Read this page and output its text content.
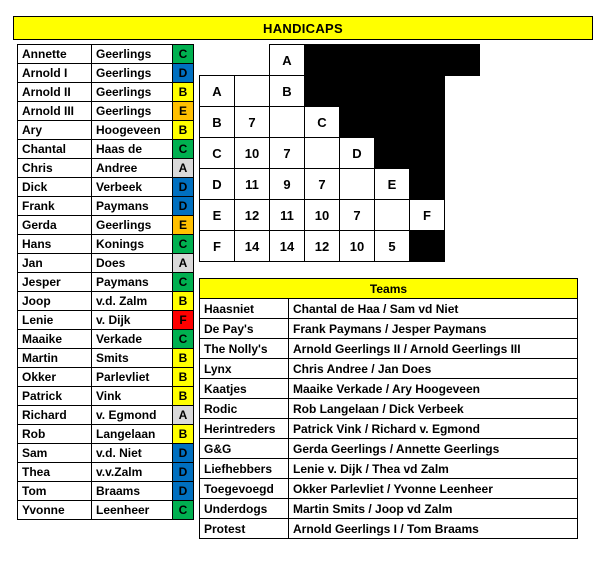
HANDICAPS
Annette	Geerlings	C
Arnold I	Geerlings	D
Arnold II	Geerlings	B
Arnold III	Geerlings	E
Ary	Hoogeveen	B
Chantal	Haas de	C
Chris	Andree	A
Dick	Verbeek	D
Frank	Paymans	D
Gerda	Geerlings	E
Hans	Konings	C
Jan	Does	A
Jesper	Paymans	C
Joop	v.d. Zalm	B
Lenie	v. Dijk	F
Maaike	Verkade	C
Martin	Smits	B
Okker	Parlevliet	B
Patrick	Vink	B
Richard	v. Egmond	A
Rob	Langelaan	B
Sam	v.d. Niet	D
Thea	v.v.Zalm	D
Tom	Braams	D
Yvonne	Leenheer	C
		A					
A		B					
B	7		C				
C	10	7		D			
D	11	9	7		E		
E	12	11	10	7		F	
F	14	14	12	10	5		
Teams	
Haasniet	Chantal de Haa / Sam vd Niet
De Pay's	Frank Paymans / Jesper Paymans
The Nolly's	Arnold Geerlings II / Arnold Geerlings III
Lynx	Chris Andree / Jan Does
Kaatjes	Maaike Verkade / Ary Hoogeveen
Rodic	Rob Langelaan / Dick Verbeek
Herintreders	Patrick Vink / Richard v. Egmond
G&G	Gerda Geerlings / Annette Geerlings
Liefhebbers	Lenie v. Dijk / Thea vd Zalm
Toegevoegd	Okker Parlevliet / Yvonne Leenheer
Underdogs	Martin Smits / Joop vd Zalm
Protest	Arnold Geerlings I / Tom Braams
